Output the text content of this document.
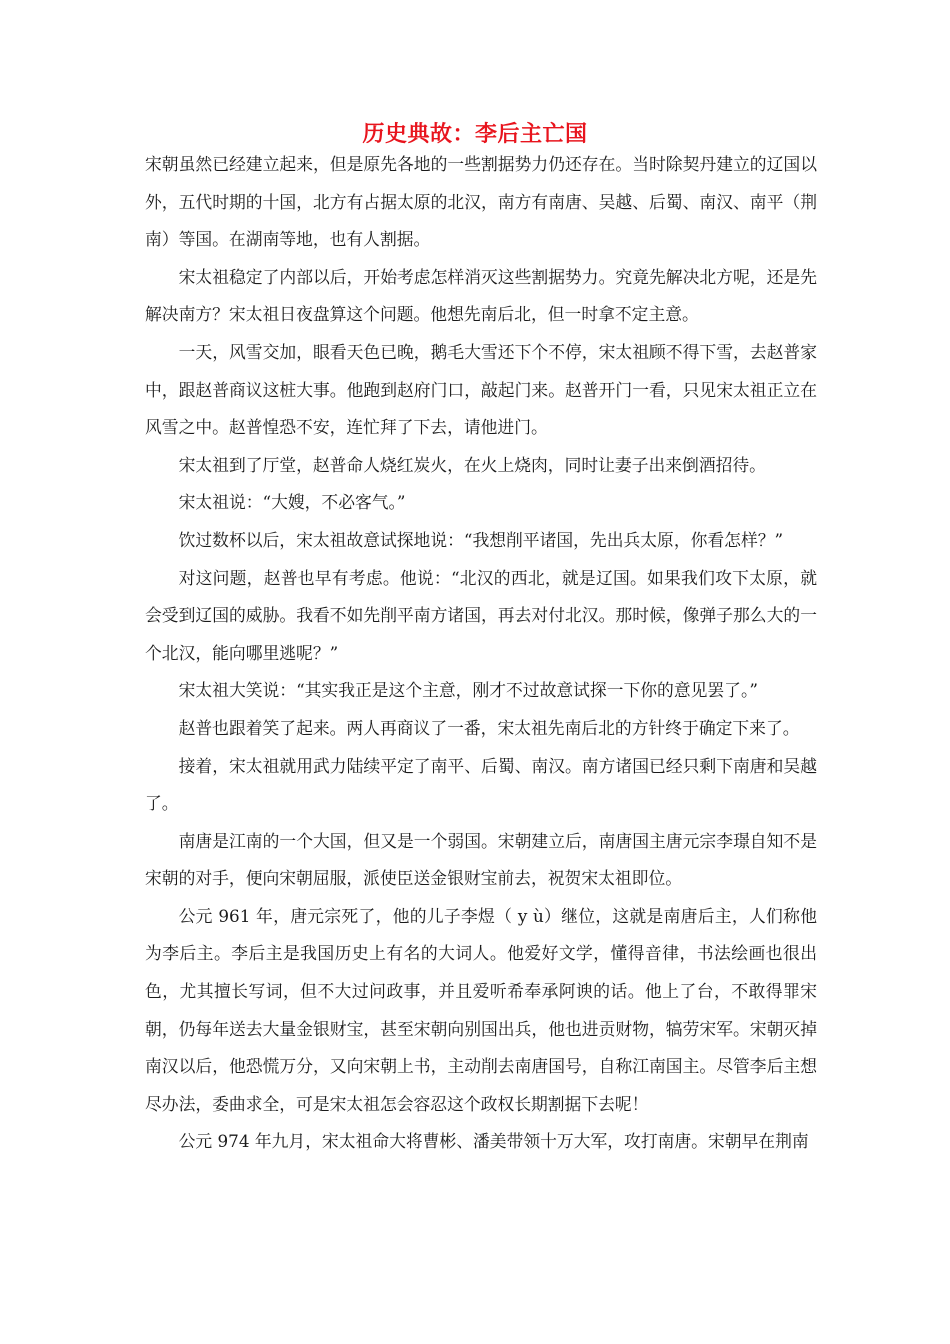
历史典故：李后主亡国

宋朝虽然已经建立起来，但是原先各地的一些割据势力仍还存在。当时除契丹建立的辽国以外，五代时期的十国，北方有占据太原的北汉，南方有南唐、吴越、后蜀、南汉、南平（荆南）等国。在湖南等地，也有人割据。

宋太祖稳定了内部以后，开始考虑怎样消灭这些割据势力。究竟先解决北方呢，还是先解决南方？宋太祖日夜盘算这个问题。他想先南后北，但一时拿不定主意。

一天，风雪交加，眼看天色已晚，鹅毛大雪还下个不停，宋太祖顾不得下雪，去赵普家中，跟赵普商议这桩大事。他跑到赵府门口，敲起门来。赵普开门一看，只见宋太祖正立在风雪之中。赵普惶恐不安，连忙拜了下去，请他进门。

宋太祖到了厅堂，赵普命人烧红炭火，在火上烧肉，同时让妻子出来倒酒招待。

宋太祖说：“大嫂，不必客气。”

饮过数杯以后，宋太祖故意试探地说：“我想削平诸国，先出兵太原，你看怎样？”

对这问题，赵普也早有考虑。他说：“北汉的西北，就是辽国。如果我们攻下太原，就会受到辽国的威胁。我看不如先削平南方诸国，再去对付北汉。那时候，像弹子那么大的一个北汉，能向哪里逃呢？”

宋太祖大笑说：“其实我正是这个主意，刚才不过故意试探一下你的意见罢了。”

赵普也跟着笑了起来。两人再商议了一番，宋太祖先南后北的方针终于确定下来了。

接着，宋太祖就用武力陆续平定了南平、后蜀、南汉。南方诸国已经只剩下南唐和吴越了。

南唐是江南的一个大国，但又是一个弱国。宋朝建立后，南唐国主唐元宗李璟自知不是宋朝的对手，便向宋朝屈服，派使臣送金银财宝前去，祝贺宋太祖即位。

公元 961 年，唐元宗死了，他的儿子李煜（ y ù）继位，这就是南唐后主，人们称他为李后主。李后主是我国历史上有名的大词人。他爱好文学，懂得音律，书法绘画也很出色，尤其擅长写词，但不大过问政事，并且爱听希奉承阿谀的话。他上了台，不敢得罪宋朝，仍每年送去大量金银财宝，甚至宋朝向别国出兵，他也进贡财物，犒劳宋军。宋朝灭掉南汉以后，他恐慌万分，又向宋朝上书，主动削去南唐国号，自称江南国主。尽管李后主想尽办法，委曲求全，可是宋太祖怎会容忍这个政权长期割据下去呢！

公元 974 年九月，宋太祖命大将曹彬、潘美带领十万大军，攻打南唐。宋朝早在荆南
